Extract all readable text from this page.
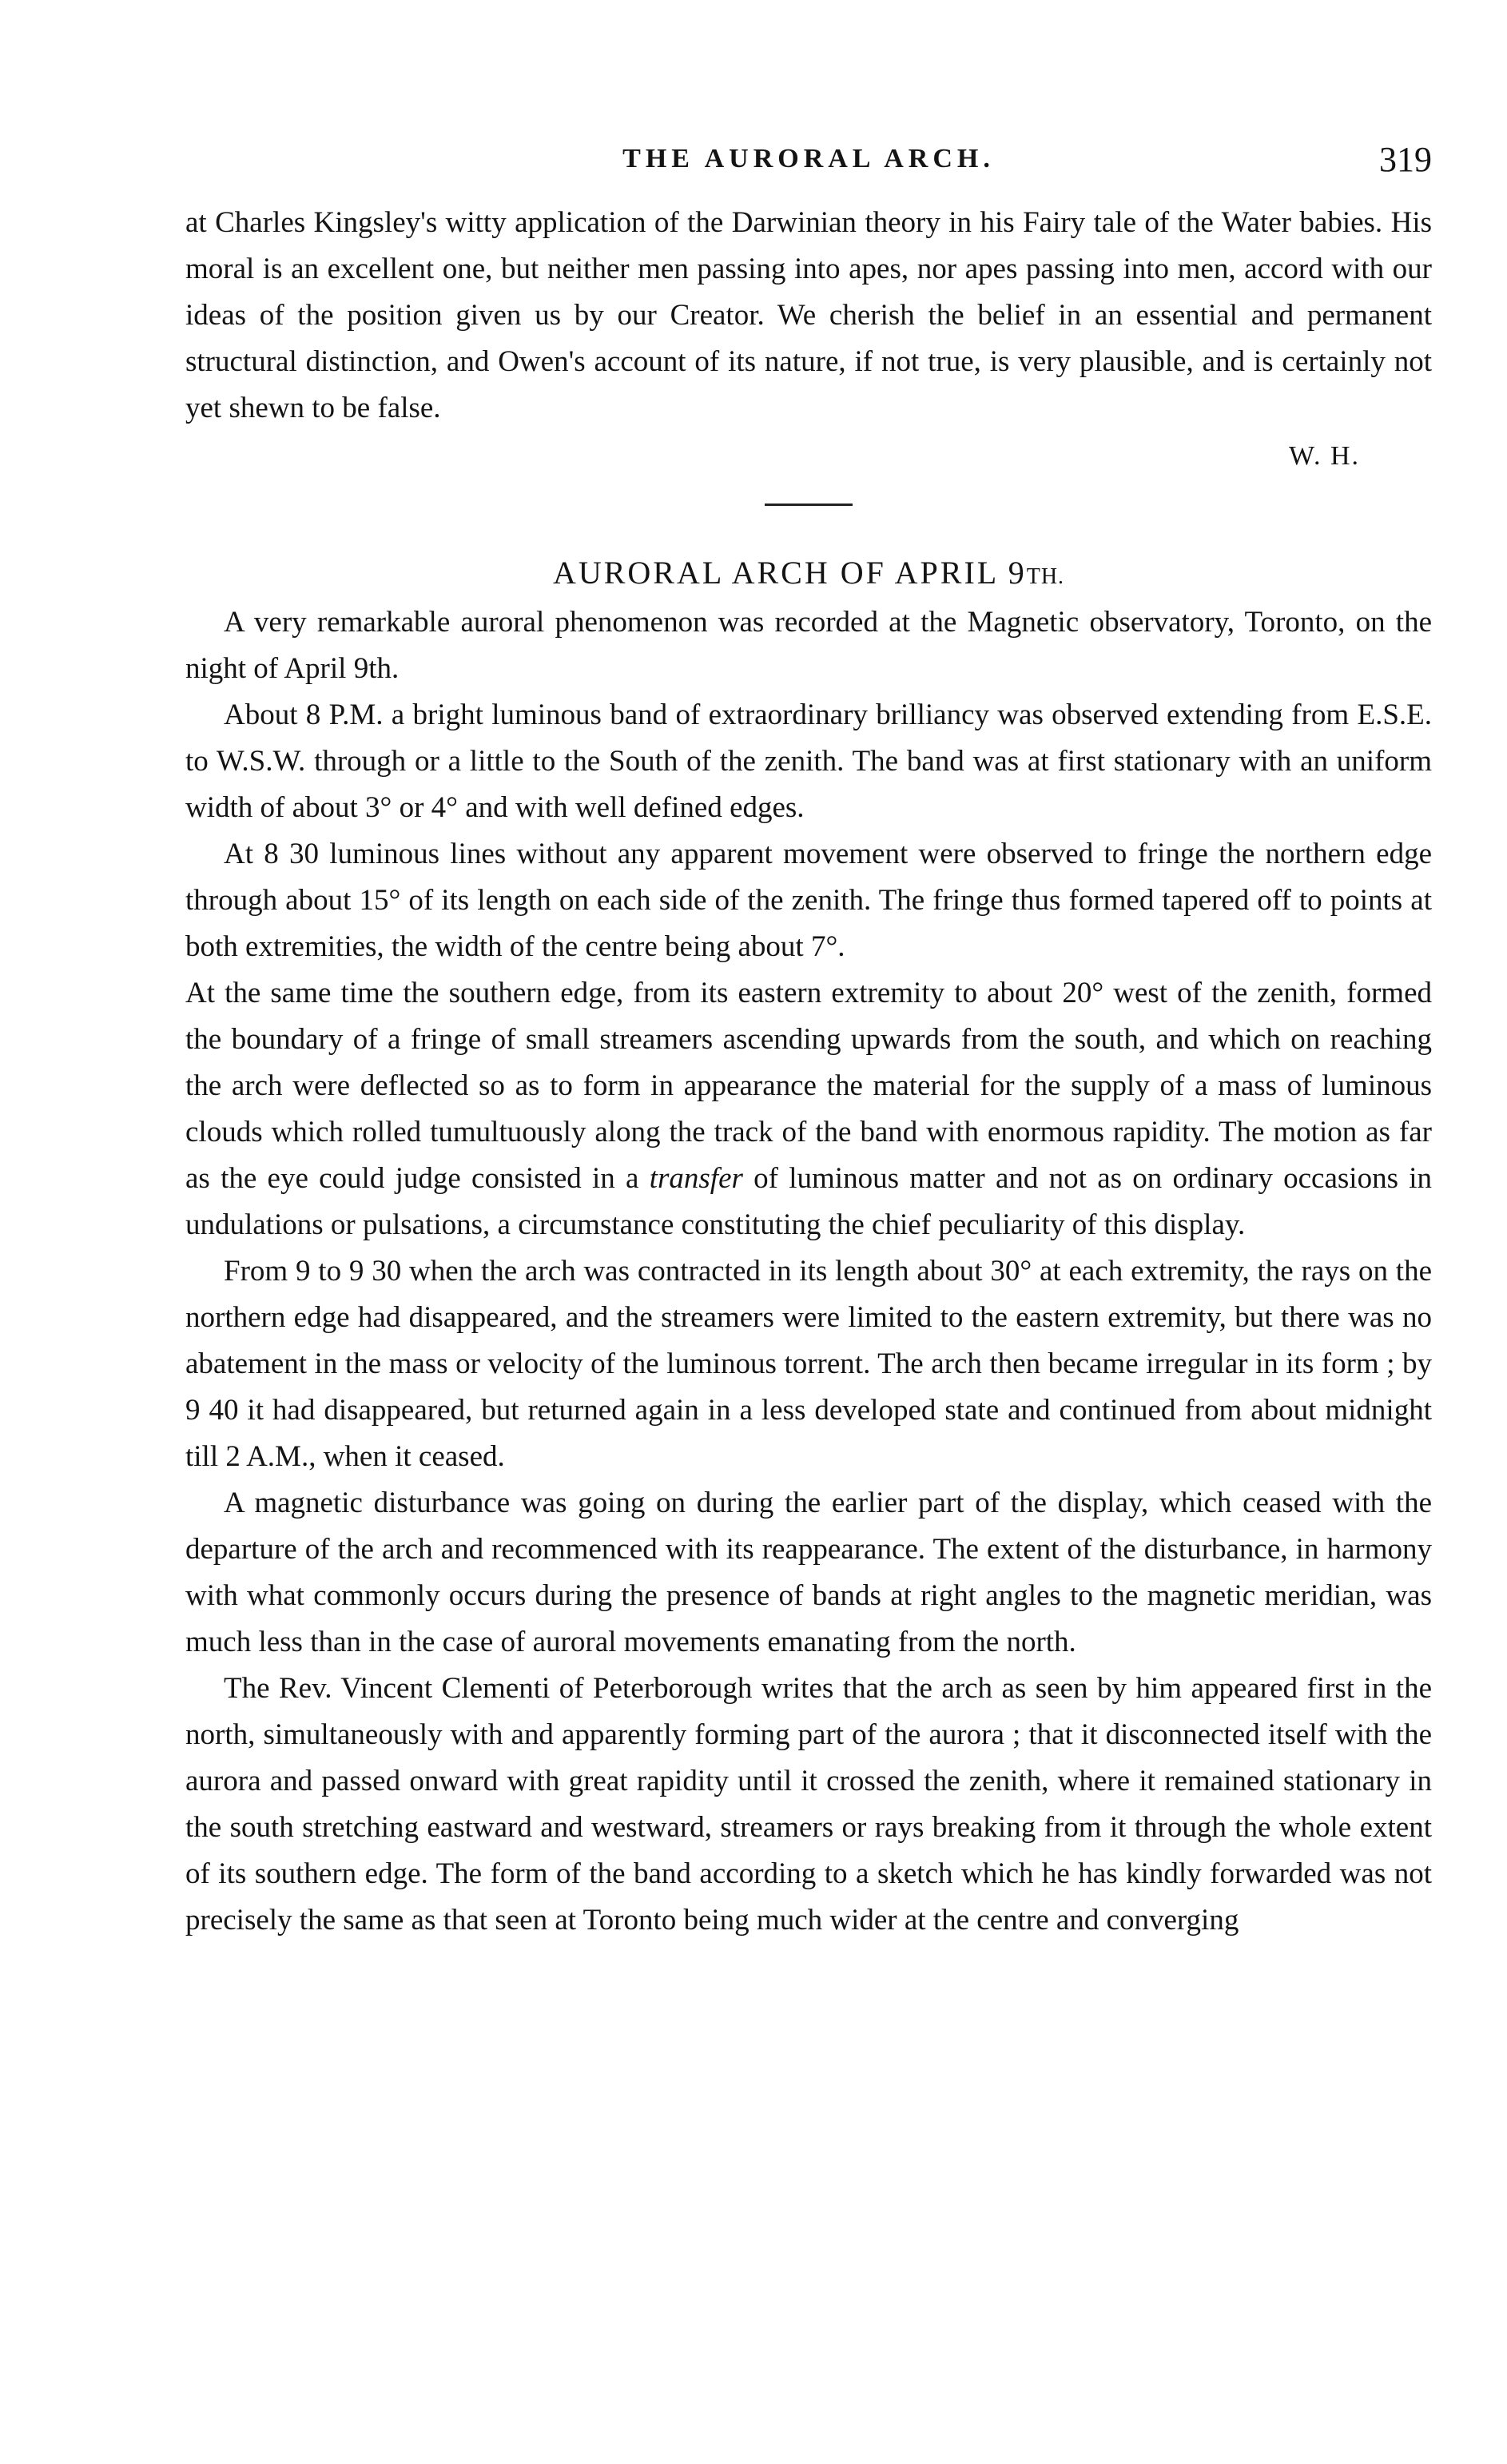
THE AURORAL ARCH.	319

at Charles Kingsley's witty application of the Darwinian theory in his Fairy tale of the Water babies. His moral is an excellent one, but neither men passing into apes, nor apes passing into men, accord with our ideas of the position given us by our Creator. We cherish the belief in an essential and permanent structural distinction, and Owen's account of its nature, if not true, is very plausible, and is certainly not yet shewn to be false.

W. H.
AURORAL ARCH OF APRIL 9TH.

A very remarkable auroral phenomenon was recorded at the Magnetic observatory, Toronto, on the night of April 9th.

About 8 P.M. a bright luminous band of extraordinary brilliancy was observed extending from E.S.E. to W.S.W. through or a little to the South of the zenith. The band was at first stationary with an uniform width of about 3° or 4° and with well defined edges.

At 8 30 luminous lines without any apparent movement were observed to fringe the northern edge through about 15° of its length on each side of the zenith. The fringe thus formed tapered off to points at both extremities, the width of the centre being about 7°.

At the same time the southern edge, from its eastern extremity to about 20° west of the zenith, formed the boundary of a fringe of small streamers ascending upwards from the south, and which on reaching the arch were deflected so as to form in appearance the material for the supply of a mass of luminous clouds which rolled tumultuously along the track of the band with enormous rapidity. The motion as far as the eye could judge consisted in a transfer of luminous matter and not as on ordinary occasions in undulations or pulsations, a circumstance constituting the chief peculiarity of this display.

From 9 to 9 30 when the arch was contracted in its length about 30° at each extremity, the rays on the northern edge had disappeared, and the streamers were limited to the eastern extremity, but there was no abatement in the mass or velocity of the luminous torrent. The arch then became irregular in its form ; by 9 40 it had disappeared, but returned again in a less developed state and continued from about midnight till 2 A.M., when it ceased.

A magnetic disturbance was going on during the earlier part of the display, which ceased with the departure of the arch and recommenced with its reappearance. The extent of the disturbance, in harmony with what commonly occurs during the presence of bands at right angles to the magnetic meridian, was much less than in the case of auroral movements emanating from the north.

The Rev. Vincent Clementi of Peterborough writes that the arch as seen by him appeared first in the north, simultaneously with and apparently forming part of the aurora ; that it disconnected itself with the aurora and passed onward with great rapidity until it crossed the zenith, where it remained stationary in the south stretching eastward and westward, streamers or rays breaking from it through the whole extent of its southern edge. The form of the band according to a sketch which he has kindly forwarded was not precisely the same as that seen at Toronto being much wider at the centre and converging
